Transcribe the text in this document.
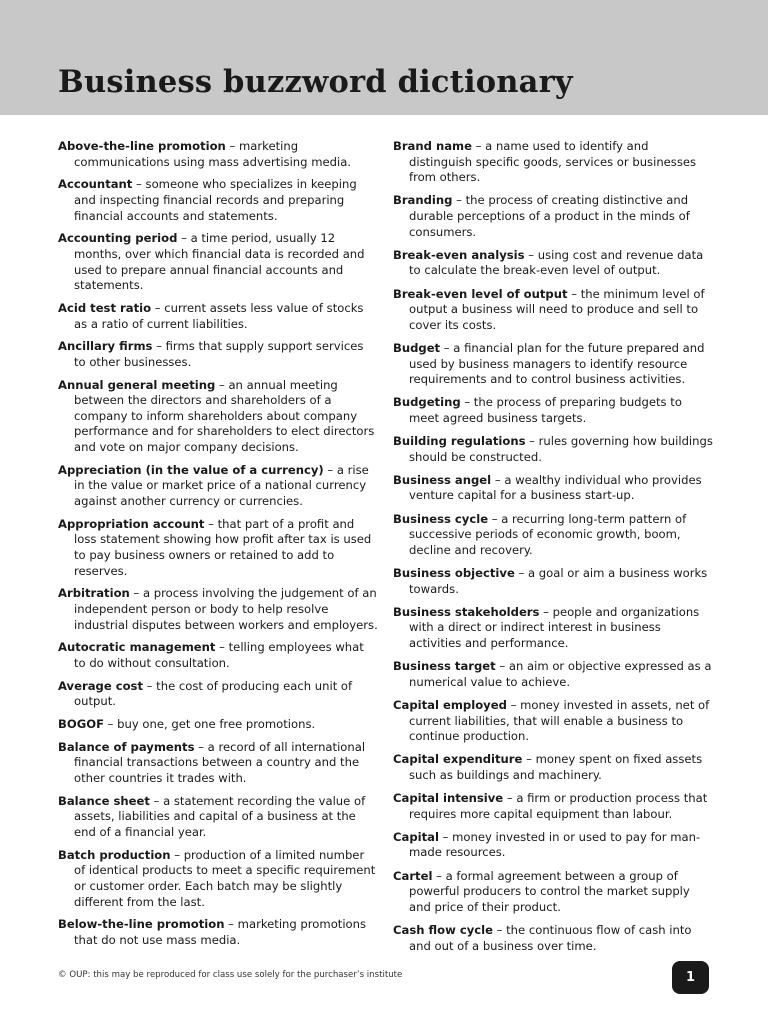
Business buzzword dictionary

Above-the-line promotion – marketing communications using mass advertising media.

Accountant – someone who specializes in keeping and inspecting financial records and preparing financial accounts and statements.

Accounting period – a time period, usually 12 months, over which financial data is recorded and used to prepare annual financial accounts and statements.

Acid test ratio – current assets less value of stocks as a ratio of current liabilities.

Ancillary firms – firms that supply support services to other businesses.

Annual general meeting – an annual meeting between the directors and shareholders of a company to inform shareholders about company performance and for shareholders to elect directors and vote on major company decisions.

Appreciation (in the value of a currency) – a rise in the value or market price of a national currency against another currency or currencies.

Appropriation account – that part of a profit and loss statement showing how profit after tax is used to pay business owners or retained to add to reserves.

Arbitration – a process involving the judgement of an independent person or body to help resolve industrial disputes between workers and employers.

Autocratic management – telling employees what to do without consultation.

Average cost – the cost of producing each unit of output.

BOGOF – buy one, get one free promotions.

Balance of payments – a record of all international financial transactions between a country and the other countries it trades with.

Balance sheet – a statement recording the value of assets, liabilities and capital of a business at the end of a financial year.

Batch production – production of a limited number of identical products to meet a specific requirement or customer order. Each batch may be slightly different from the last.

Below-the-line promotion – marketing promotions that do not use mass media.

Brand name – a name used to identify and distinguish specific goods, services or businesses from others.

Branding – the process of creating distinctive and durable perceptions of a product in the minds of consumers.

Break-even analysis – using cost and revenue data to calculate the break-even level of output.

Break-even level of output – the minimum level of output a business will need to produce and sell to cover its costs.

Budget – a financial plan for the future prepared and used by business managers to identify resource requirements and to control business activities.

Budgeting – the process of preparing budgets to meet agreed business targets.

Building regulations – rules governing how buildings should be constructed.

Business angel – a wealthy individual who provides venture capital for a business start-up.

Business cycle – a recurring long-term pattern of successive periods of economic growth, boom, decline and recovery.

Business objective – a goal or aim a business works towards.

Business stakeholders – people and organizations with a direct or indirect interest in business activities and performance.

Business target – an aim or objective expressed as a numerical value to achieve.

Capital employed – money invested in assets, net of current liabilities, that will enable a business to continue production.

Capital expenditure – money spent on fixed assets such as buildings and machinery.

Capital intensive – a firm or production process that requires more capital equipment than labour.

Capital – money invested in or used to pay for man-made resources.

Cartel – a formal agreement between a group of powerful producers to control the market supply and price of their product.

Cash flow cycle – the continuous flow of cash into and out of a business over time.

© OUP: this may be reproduced for class use solely for the purchaser’s institute	1
